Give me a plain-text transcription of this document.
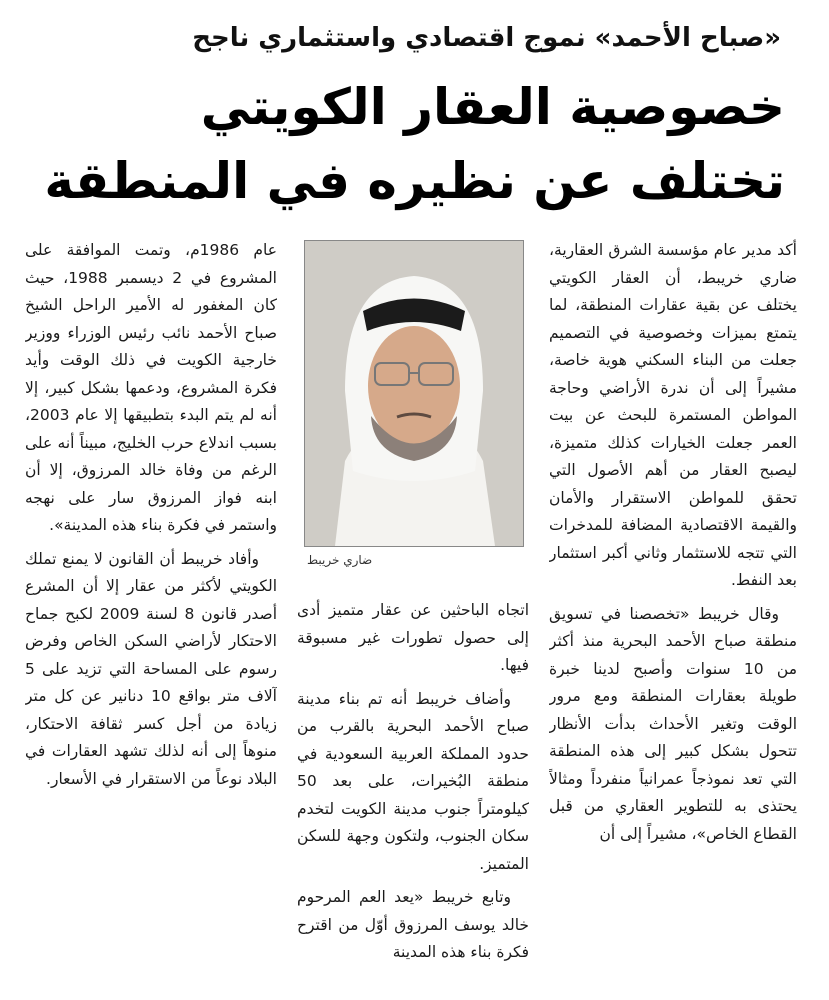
«صباح الأحمد» نموج اقتصادي واستثماري ناجح
خصوصية العقار الكويتي
تختلف عن نظيره في المنطقة

أكد مدير عام مؤسسة الشرق العقارية، ضاري خريبط، أن العقار الكويتي يختلف عن بقية عقارات المنطقة، لما يتمتع بميزات وخصوصية في التصميم جعلت من البناء السكني هوية خاصة، مشيراً إلى أن ندرة الأراضي وحاجة المواطن المستمرة للبحث عن بيت العمر جعلت الخيارات كذلك متميزة، ليصبح العقار من أهم الأصول التي تحقق للمواطن الاستقرار والأمان والقيمة الاقتصادية المضافة للمدخرات التي تتجه للاستثمار وثاني أكبر استثمار بعد النفط.

وقال خريبط «تخصصنا في تسويق منطقة صباح الأحمد البحرية منذ أكثر من 10 سنوات وأصبح لدينا خبرة طويلة بعقارات المنطقة ومع مرور الوقت وتغير الأحداث بدأت الأنظار تتحول بشكل كبير إلى هذه المنطقة التي تعد نموذجاً عمرانياً منفرداً ومثالاً يحتذى به للتطوير العقاري من قبل القطاع الخاص»، مشيراً إلى أن

ضاري خريبط

اتجاه الباحثين عن عقار متميز أدى إلى حصول تطورات غير مسبوقة فيها.

وأضاف خريبط أنه تم بناء مدينة صباح الأحمد البحرية بالقرب من حدود المملكة العربية السعودية في منطقة البُخيرات، على بعد 50 كيلومتراً جنوب مدينة الكويت لتخدم سكان الجنوب، ولتكون وجهة للسكن المتميز.

وتابع خريبط «يعد العم المرحوم خالد يوسف المرزوق أوّل من اقترح فكرة بناء هذه المدينة

عام 1986م، وتمت الموافقة على المشروع في 2 ديسمبر 1988، حيث كان المغفور له الأمير الراحل الشيخ صباح الأحمد نائب رئيس الوزراء ووزير خارجية الكويت في ذلك الوقت وأيد فكرة المشروع، ودعمها بشكل كبير، إلا أنه لم يتم البدء بتطبيقها إلا عام 2003، بسبب اندلاع حرب الخليج، مبيناً أنه على الرغم من وفاة خالد المرزوق، إلا أن ابنه فواز المرزوق سار على نهجه واستمر في فكرة بناء هذه المدينة».

وأفاد خريبط أن القانون لا يمنع تملك الكويتي لأكثر من عقار إلا أن المشرع أصدر قانون 8 لسنة 2009 لكبح جماح الاحتكار لأراضي السكن الخاص وفرض رسوم على المساحة التي تزيد على 5 آلاف متر بواقع 10 دنانير عن كل متر زيادة من أجل كسر ثقافة الاحتكار، منوهاً إلى أنه لذلك تشهد العقارات في البلاد نوعاً من الاستقرار في الأسعار.
